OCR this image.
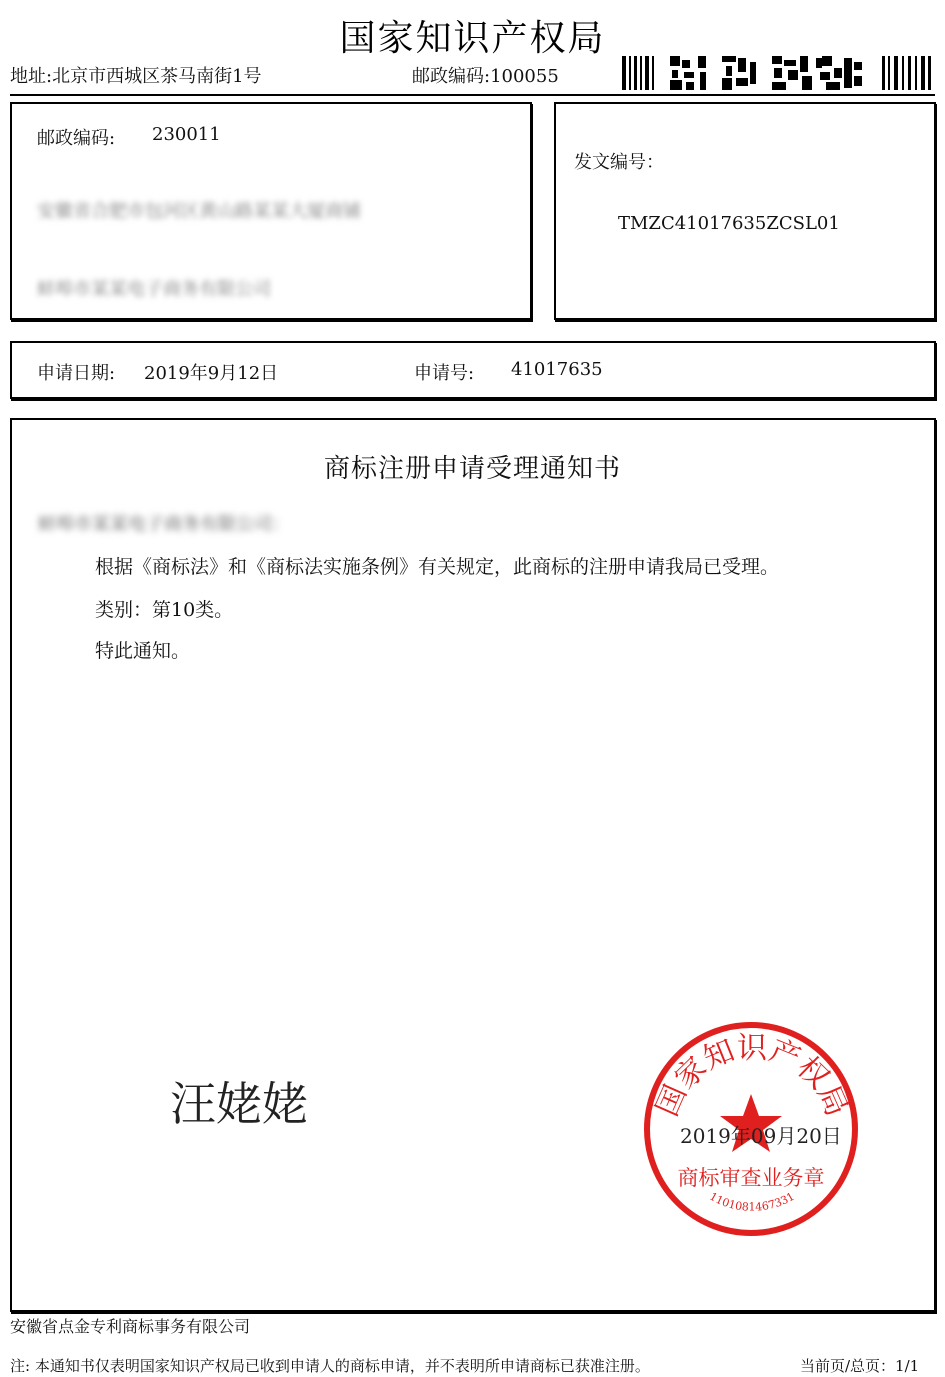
国家知识产权局
地址:北京市西城区茶马南街1号	邮政编码:100055
邮政编码: 230011
安徽省合肥市包河区黄山路某某大厦商铺
蚌埠市某某电子商务有限公司
发文编号：
TMZC41017635ZCSL01
申请日期: 2019年9月12日	申请号: 41017635
商标注册申请受理通知书
蚌埠市某某电子商务有限公司：
根据《商标法》和《商标法实施条例》有关规定，此商标的注册申请我局已受理。
类别：第10类。
特此通知。
汪姥姥	国家知识产权局
商标审查业务章
1101081467331
2019年09月20日
安徽省点金专利商标事务有限公司
注: 本通知书仅表明国家知识产权局已收到申请人的商标申请，并不表明所申请商标已获准注册。	当前页/总页：1/1
